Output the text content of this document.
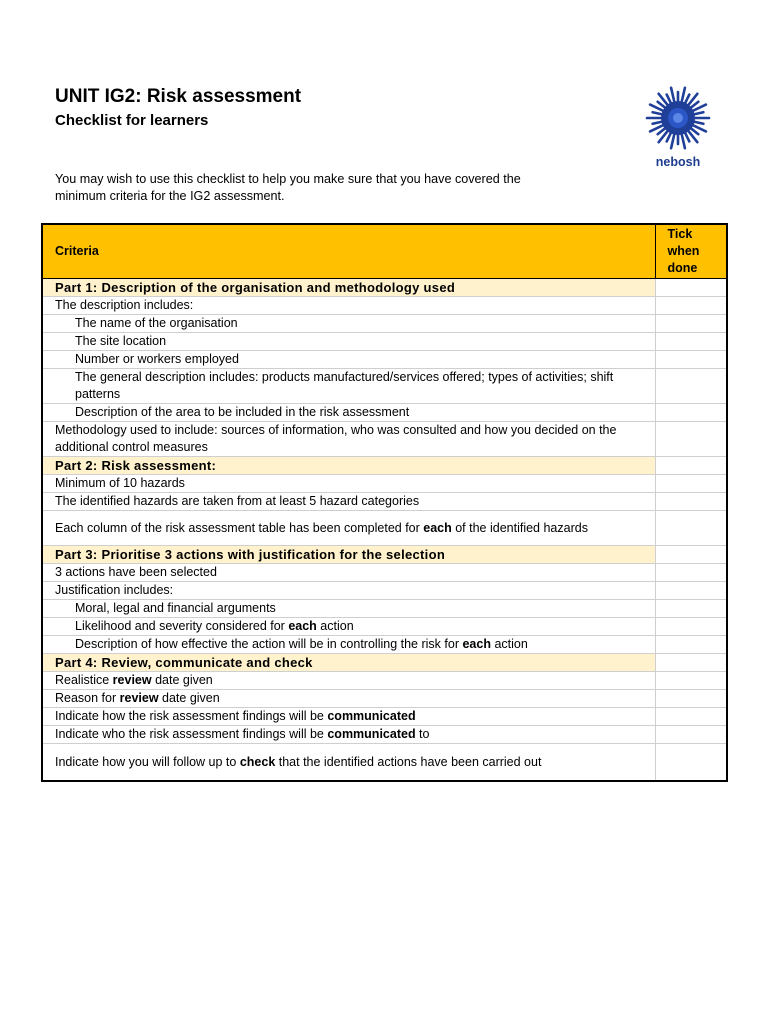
UNIT IG2: Risk assessment
Checklist for learners

You may wish to use this checklist to help you make sure that you have covered the minimum criteria for the IG2 assessment.

nebosh
Criteria	Tick when done
Part 1: Description of the organisation and methodology used	
The description includes:	
The name of the organisation	
The site location	
Number or workers employed	
The general description includes: products manufactured/services offered; types of activities; shift patterns	
Description of the area to be included in the risk assessment	
Methodology used to include: sources of information, who was consulted and how you decided on the additional control measures	
Part 2: Risk assessment:	
Minimum of 10 hazards	
The identified hazards are taken from at least 5 hazard categories	
Each column of the risk assessment table has been completed for each of the identified hazards	
Part 3: Prioritise 3 actions with justification for the selection	
3 actions have been selected	
Justification includes:	
Moral, legal and financial arguments	
Likelihood and severity considered for each action	
Description of how effective the action will be in controlling the risk for each action	
Part 4: Review, communicate and check	
Realistice review date given	
Reason for review date given	
Indicate how the risk assessment findings will be communicated	
Indicate who the risk assessment findings will be communicated to	
Indicate how you will follow up to check that the identified actions have been carried out	
